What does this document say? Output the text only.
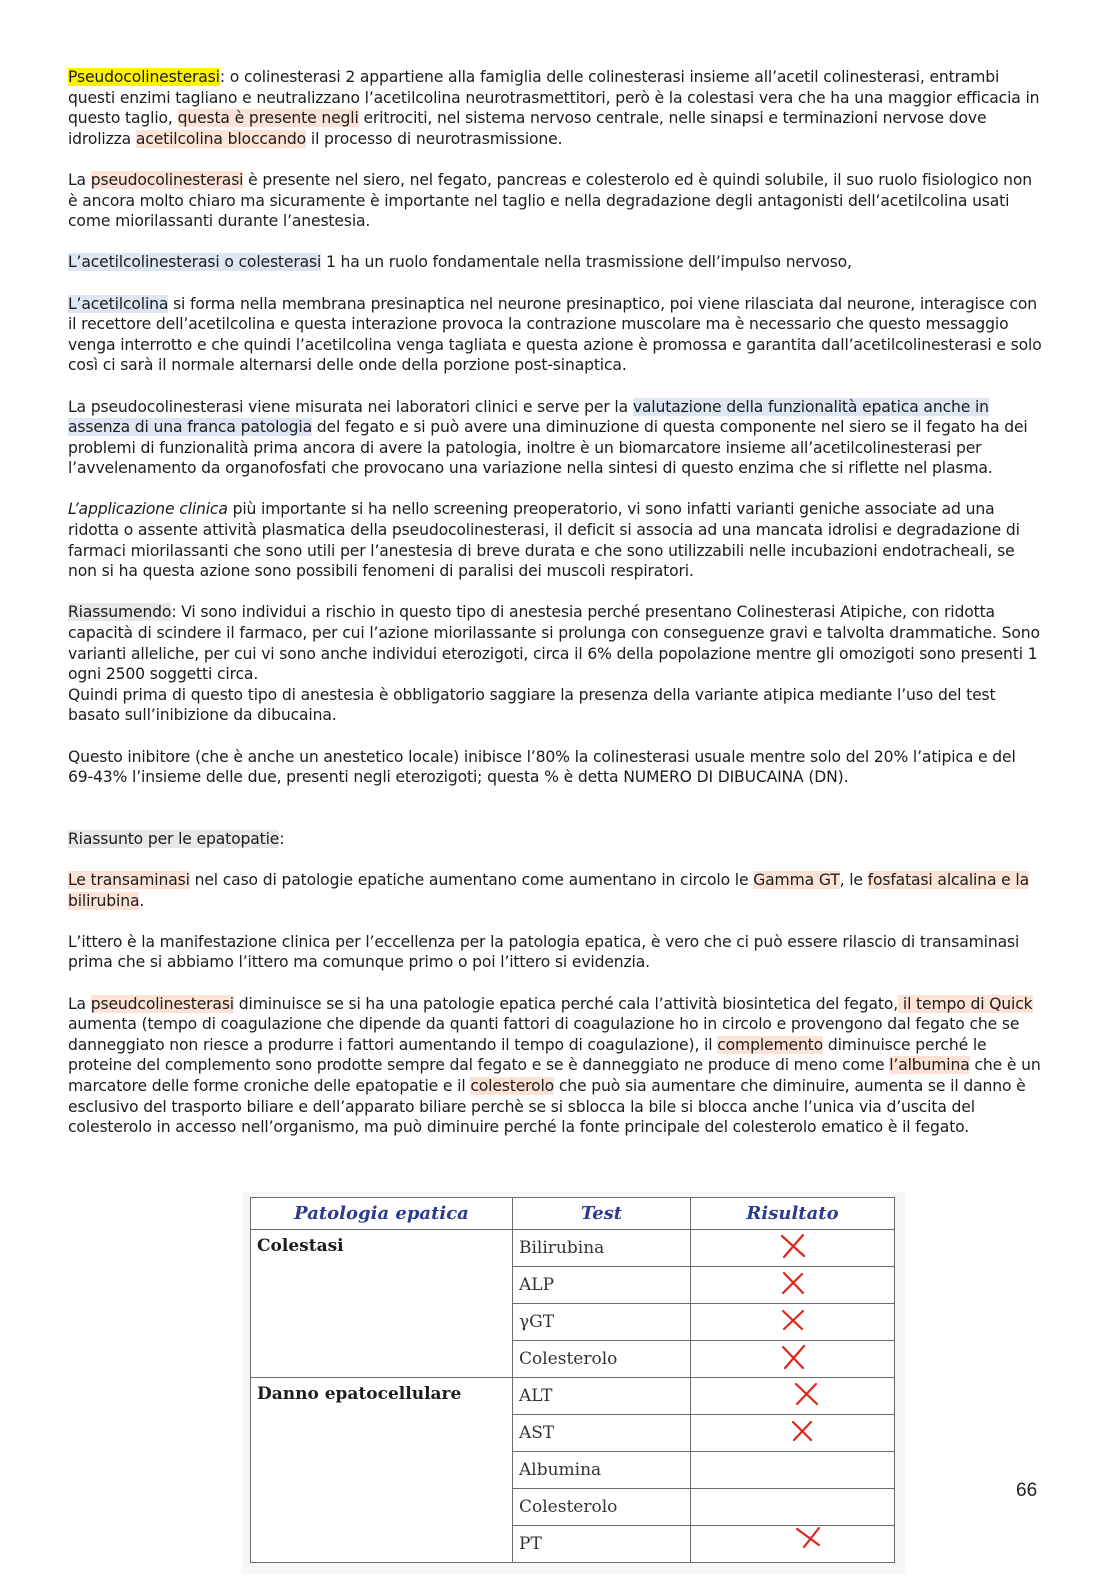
Pseudocolinesterasi: o colinesterasi 2 appartiene alla famiglia delle colinesterasi insieme all’acetil colinesterasi, entrambi questi enzimi tagliano e neutralizzano l’acetilcolina neurotrasmettitori, però è la colestasi vera che ha una maggior efficacia in questo taglio, questa è presente negli eritrociti, nel sistema nervoso centrale, nelle sinapsi e terminazioni nervose dove idrolizza acetilcolina bloccando il processo di neurotrasmissione.

La pseudocolinesterasi è presente nel siero, nel fegato, pancreas e colesterolo ed è quindi solubile, il suo ruolo fisiologico non è ancora molto chiaro ma sicuramente è importante nel taglio e nella degradazione degli antagonisti dell’acetilcolina usati come miorilassanti durante l’anestesia.

L’acetilcolinesterasi o colesterasi 1 ha un ruolo fondamentale nella trasmissione dell’impulso nervoso,

L’acetilcolina si forma nella membrana presinaptica nel neurone presinaptico, poi viene rilasciata dal neurone, interagisce con il recettore dell’acetilcolina e questa interazione provoca la contrazione muscolare ma è necessario che questo messaggio venga interrotto e che quindi l’acetilcolina venga tagliata e questa azione è promossa e garantita dall’acetilcolinesterasi e solo così ci sarà il normale alternarsi delle onde della porzione post-sinaptica.

La pseudocolinesterasi viene misurata nei laboratori clinici e serve per la valutazione della funzionalità epatica anche in assenza di una franca patologia del fegato e si può avere una diminuzione di questa componente nel siero se il fegato ha dei problemi di funzionalità prima ancora di avere la patologia, inoltre è un biomarcatore insieme all’acetilcolinesterasi per l’avvelenamento da organofosfati che provocano una variazione nella sintesi di questo enzima che si riflette nel plasma.

L’applicazione clinica più importante si ha nello screening preoperatorio, vi sono infatti varianti geniche associate ad una ridotta o assente attività plasmatica della pseudocolinesterasi, il deficit si associa ad una mancata idrolisi e degradazione di farmaci miorilassanti che sono utili per l’anestesia di breve durata e che sono utilizzabili nelle incubazioni endotracheali, se non si ha questa azione sono possibili fenomeni di paralisi dei muscoli respiratori.

Riassumendo: Vi sono individui a rischio in questo tipo di anestesia perché presentano Colinesterasi Atipiche, con ridotta capacità di scindere il farmaco, per cui l’azione miorilassante si prolunga con conseguenze gravi e talvolta drammatiche. Sono varianti alleliche, per cui vi sono anche individui eterozigoti, circa il 6% della popolazione mentre gli omozigoti sono presenti 1 ogni 2500 soggetti circa.

Quindi prima di questo tipo di anestesia è obbligatorio saggiare la presenza della variante atipica mediante l’uso del test basato sull’inibizione da dibucaina.

Questo inibitore (che è anche un anestetico locale) inibisce l’80% la colinesterasi usuale mentre solo del 20% l’atipica e del 69-43% l’insieme delle due, presenti negli eterozigoti; questa % è detta NUMERO DI DIBUCAINA (DN).

Riassunto per le epatopatie:

Le transaminasi nel caso di patologie epatiche aumentano come aumentano in circolo le Gamma GT, le fosfatasi alcalina e la bilirubina.

L’ittero è la manifestazione clinica per l’eccellenza per la patologia epatica, è vero che ci può essere rilascio di transaminasi prima che si abbiamo l’ittero ma comunque primo o poi l’ittero si evidenzia.

La pseudcolinesterasi diminuisce se si ha una patologie epatica perché cala l’attività biosintetica del fegato, il tempo di Quick aumenta (tempo di coagulazione che dipende da quanti fattori di coagulazione ho in circolo e provengono dal fegato che se danneggiato non riesce a produrre i fattori aumentando il tempo di coagulazione), il complemento diminuisce perché le proteine del complemento sono prodotte sempre dal fegato e se è danneggiato ne produce di meno come l’albumina che è un marcatore delle forme croniche delle epatopatie e il colesterolo che può sia aumentare che diminuire, aumenta se il danno è esclusivo del trasporto biliare e dell’apparato biliare perchè se si sblocca la bile si blocca anche l’unica via d’uscita del colesterolo in accesso nell’organismo, ma può diminuire perché la fonte principale del colesterolo ematico è il fegato.

Patologia epatica	Test	Risultato
Colestasi	Bilirubina	
	ALP	
	γGT	
	Colesterolo	
Danno epatocellulare	ALT	
	AST	
	Albumina	
	Colesterolo	
	PT	
66
